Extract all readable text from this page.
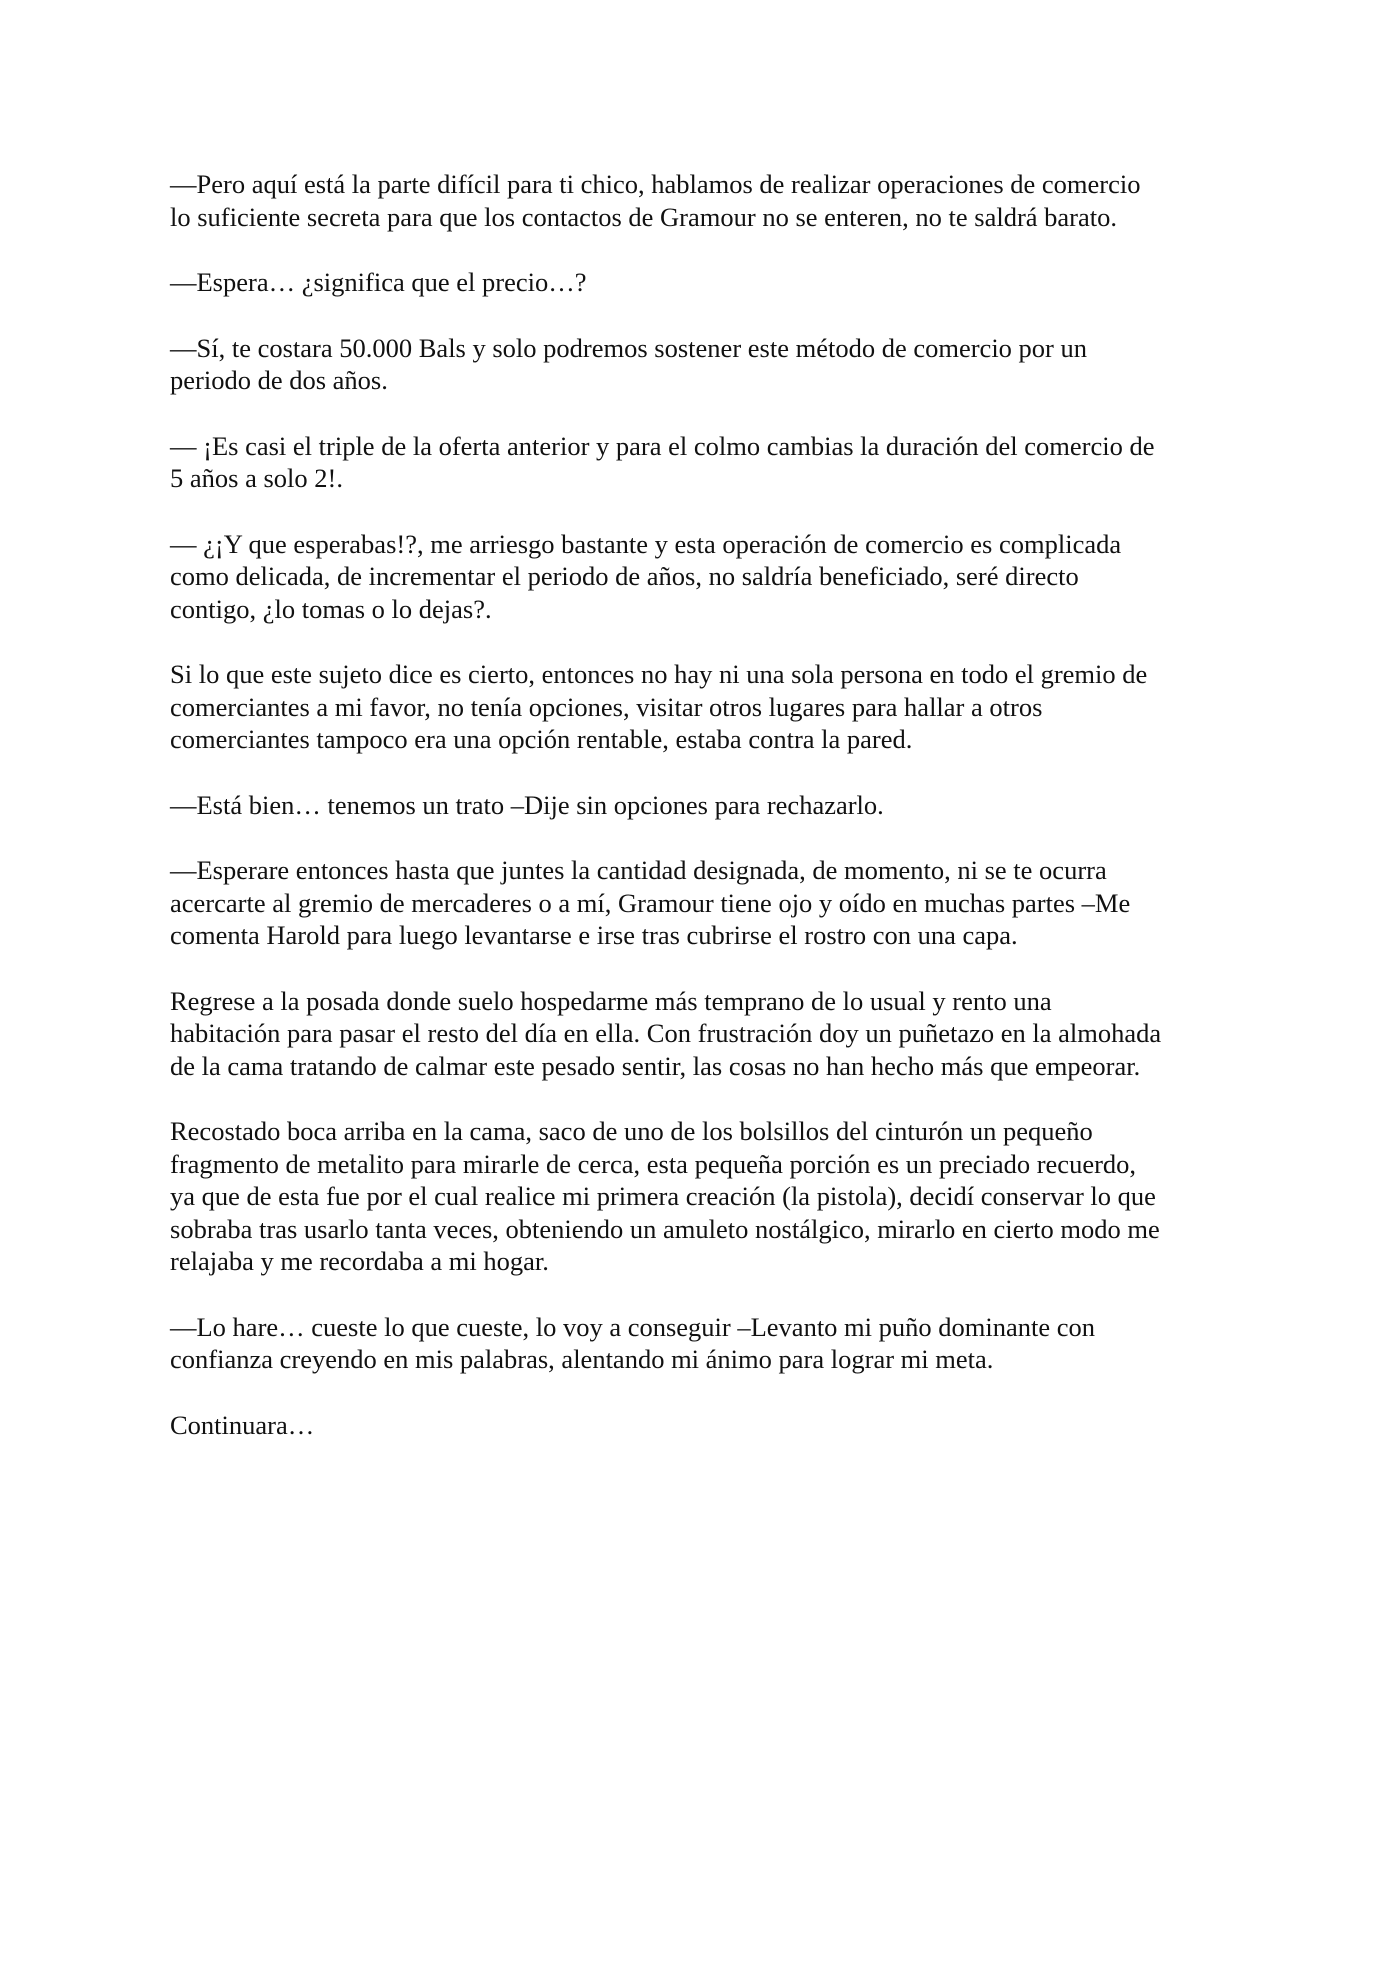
—Pero aquí está la parte difícil para ti chico, hablamos de realizar operaciones de comercio
lo suficiente secreta para que los contactos de Gramour no se enteren, no te saldrá barato.

—Espera… ¿significa que el precio…?

—Sí, te costara 50.000 Bals y solo podremos sostener este método de comercio por un
periodo de dos años.

— ¡Es casi el triple de la oferta anterior y para el colmo cambias la duración del comercio de
5 años a solo 2!.

— ¿¡Y que esperabas!?, me arriesgo bastante y esta operación de comercio es complicada
como delicada, de incrementar el periodo de años, no saldría beneficiado, seré directo
contigo, ¿lo tomas o lo dejas?.

Si lo que este sujeto dice es cierto, entonces no hay ni una sola persona en todo el gremio de
comerciantes a mi favor, no tenía opciones, visitar otros lugares para hallar a otros
comerciantes tampoco era una opción rentable, estaba contra la pared.

—Está bien… tenemos un trato –Dije sin opciones para rechazarlo.

—Esperare entonces hasta que juntes la cantidad designada, de momento, ni se te ocurra
acercarte al gremio de mercaderes o a mí, Gramour tiene ojo y oído en muchas partes –Me
comenta Harold para luego levantarse e irse tras cubrirse el rostro con una capa.

Regrese a la posada donde suelo hospedarme más temprano de lo usual y rento una
habitación para pasar el resto del día en ella. Con frustración doy un puñetazo en la almohada
de la cama tratando de calmar este pesado sentir, las cosas no han hecho más que empeorar.

Recostado boca arriba en la cama, saco de uno de los bolsillos del cinturón un pequeño
fragmento de metalito para mirarle de cerca, esta pequeña porción es un preciado recuerdo,
ya que de esta fue por el cual realice mi primera creación (la pistola), decidí conservar lo que
sobraba tras usarlo tanta veces, obteniendo un amuleto nostálgico, mirarlo en cierto modo me
relajaba y me recordaba a mi hogar.

—Lo hare… cueste lo que cueste, lo voy a conseguir –Levanto mi puño dominante con
confianza creyendo en mis palabras, alentando mi ánimo para lograr mi meta.

Continuara…
